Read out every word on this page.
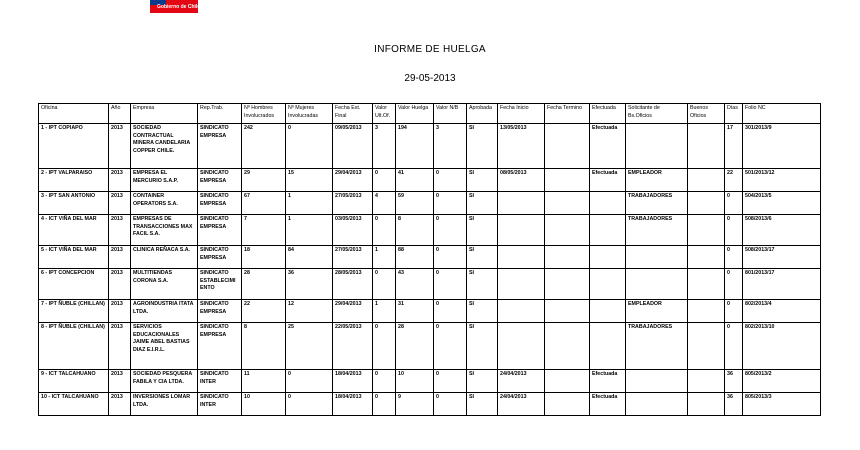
Gobierno de Chile
INFORME DE HUELGA
29-05-2013
Oficina	Año	Empresa	Rep.Trab.	Nº Hombres Involucrados	Nº Mujeres Involucradas	Fecha Ext. Final	Valor Ult.Of.	Valor Huelga	Valor N/B	Aprobada	Fecha Inicio	Fecha Termino	Efectuada	Solicitante de Bs.Oficios	Buenos Oficios	Días	Folio NC
1 - IPT COPIAPO	2013	SOCIEDAD CONTRACTUAL MINERA CANDELARIA COPPER CHILE.	SINDICATO EMPRESA	242	0	09/05/2013	3	194	3	SI	13/05/2013		Efectuada			17	301/2013/9
2 - IPT VALPARAISO	2013	EMPRESA EL MERCURIO S.A.P.	SINDICATO EMPRESA	29	15	29/04/2013	0	41	0	SI	08/05/2013		Efectuada	EMPLEADOR		22	501/2013/12
3 - IPT SAN ANTONIO	2013	CONTAINER OPERATORS S.A.	SINDICATO EMPRESA	67	1	27/05/2013	4	59	0	SI				TRABAJADORES		0	504/2013/5
4 - ICT VIÑA DEL MAR	2013	EMPRESAS DE TRANSACCIONES MAX FACIL S.A.	SINDICATO EMPRESA	7	1	03/05/2013	0	8	0	SI				TRABAJADORES		0	508/2013/6
5 - ICT VIÑA DEL MAR	2013	CLINICA REÑACA S.A.	SINDICATO EMPRESA	18	84	27/05/2013	1	88	0	SI						0	508/2013/17
6 - IPT CONCEPCION	2013	MULTITIENDAS CORONA S.A.	SINDICATO ESTABLECIMIENTO	28	36	28/05/2013	0	43	0	SI						0	801/2013/17
7 - IPT ÑUBLE (CHILLAN)	2013	AGROINDUSTRIA ITATA LTDA.	SINDICATO EMPRESA	22	12	29/04/2013	1	31	0	SI				EMPLEADOR		0	802/2013/4
8 - IPT ÑUBLE (CHILLAN)	2013	SERVICIOS EDUCACIONALES JAIME ABEL BASTIAS DIAZ E.I.R.L.	SINDICATO EMPRESA	8	25	22/05/2013	0	28	0	SI				TRABAJADORES		0	802/2013/10
9 - ICT TALCAHUANO	2013	SOCIEDAD PESQUERA FABILA Y CIA LTDA.	SINDICATO INTER	11	0	18/04/2013	0	10	0	SI	24/04/2013		Efectuada			36	805/2013/2
10 - ICT TALCAHUANO	2013	INVERSIONES LOMAR LTDA.	SINDICATO INTER	10	0	18/04/2013	0	9	0	SI	24/04/2013		Efectuada			36	805/2013/3
